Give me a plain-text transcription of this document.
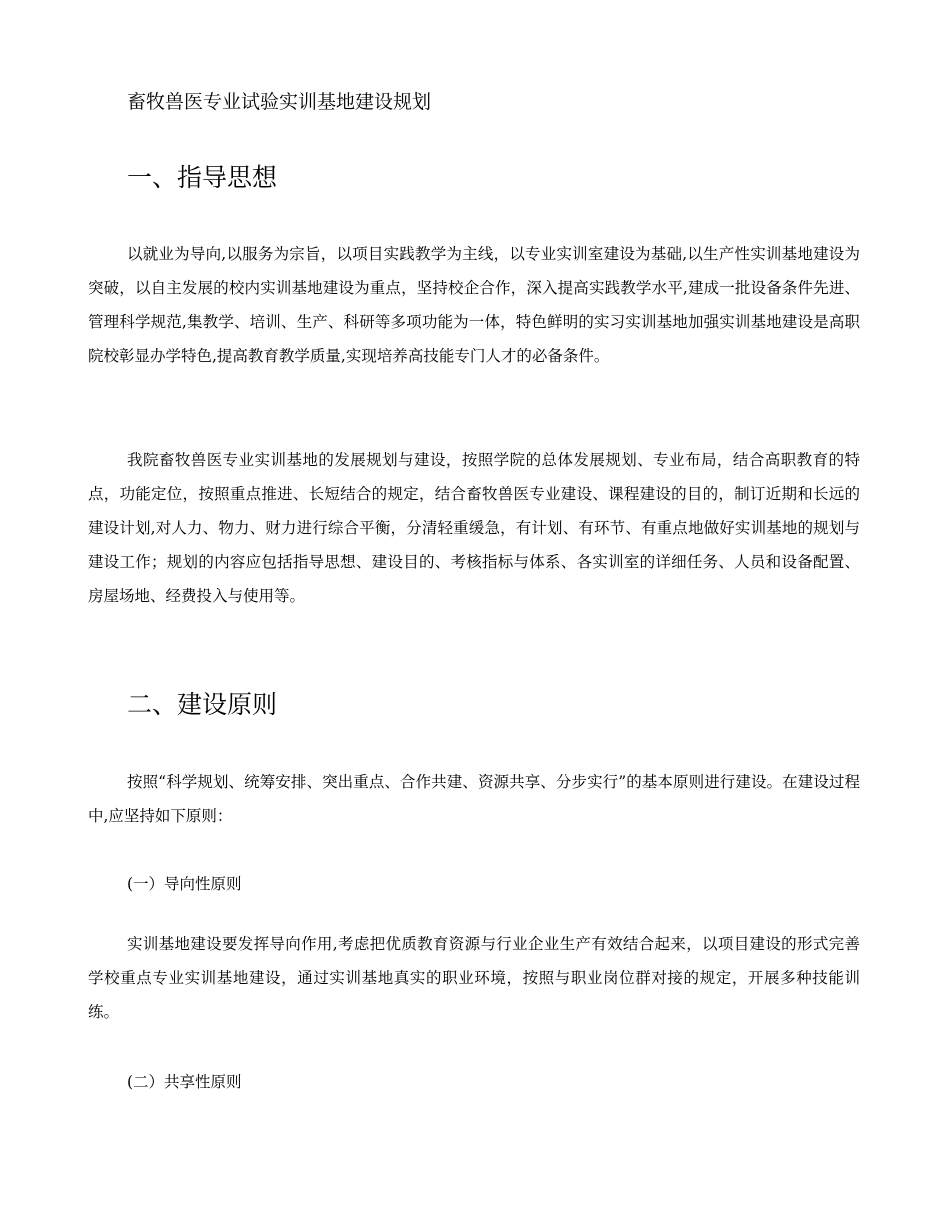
畜牧兽医专业试验实训基地建设规划
一、指导思想
以就业为导向,以服务为宗旨，以项目实践教学为主线，以专业实训室建设为基础,以生产性实训基地建设为突破，以自主发展的校内实训基地建设为重点，坚持校企合作，深入提高实践教学水平,建成一批设备条件先进、管理科学规范,集教学、培训、生产、科研等多项功能为一体，特色鲜明的实习实训基地加强实训基地建设是高职院校彰显办学特色,提高教育教学质量,实现培养高技能专门人才的必备条件。
我院畜牧兽医专业实训基地的发展规划与建设，按照学院的总体发展规划、专业布局，结合高职教育的特点，功能定位，按照重点推进、长短结合的规定，结合畜牧兽医专业建设、课程建设的目的，制订近期和长远的建设计划,对人力、物力、财力进行综合平衡，分清轻重缓急，有计划、有环节、有重点地做好实训基地的规划与建设工作；规划的内容应包括指导思想、建设目的、考核指标与体系、各实训室的详细任务、人员和设备配置、房屋场地、经费投入与使用等。
二、建设原则
按照“科学规划、统筹安排、突出重点、合作共建、资源共享、分步实行”的基本原则进行建设。在建设过程中,应坚持如下原则：
(一）导向性原则
实训基地建设要发挥导向作用,考虑把优质教育资源与行业企业生产有效结合起来，以项目建设的形式完善学校重点专业实训基地建设，通过实训基地真实的职业环境，按照与职业岗位群对接的规定，开展多种技能训练。
(二）共享性原则
